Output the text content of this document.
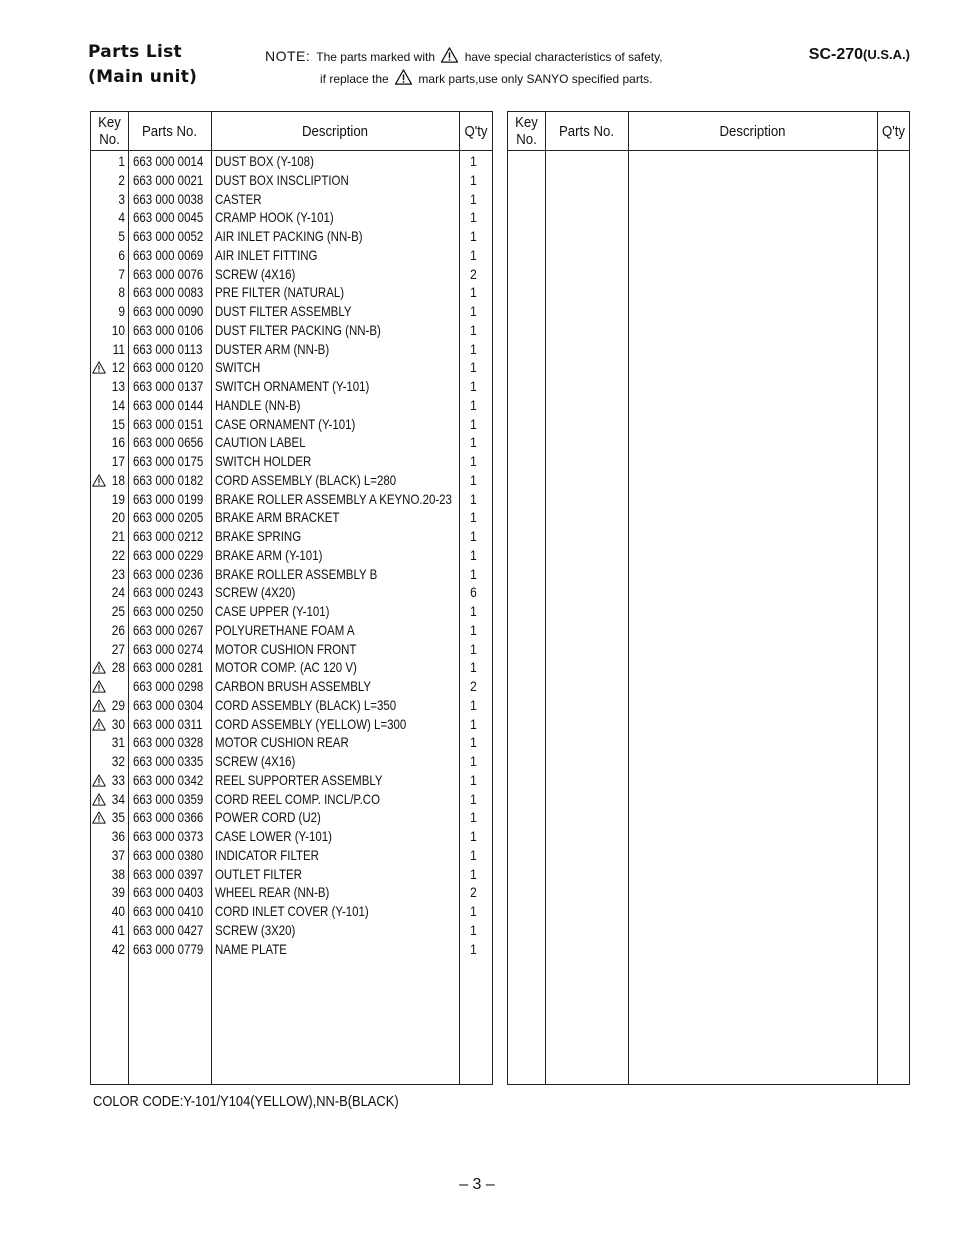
Parts List
(Main unit)
NOTE: The parts marked with have special characteristics of safety,
if replace the mark parts,use only SANYO specified parts.
SC-270(U.S.A.)
Key
No.	Parts No.	Description	Q'ty
1 663 000 0014 DUST BOX (Y-108)	1
2 663 000 0021 DUST BOX INSCLIPTION	1
3 663 000 0038 CASTER	1
4 663 000 0045 CRAMP HOOK (Y-101)	1
5 663 000 0052 AIR INLET PACKING (NN-B)	1
6 663 000 0069 AIR INLET FITTING	1
7 663 000 0076 SCREW (4X16)	2
8 663 000 0083 PRE FILTER (NATURAL)	1
9 663 000 0090 DUST FILTER ASSEMBLY	1
10 663 000 0106 DUST FILTER PACKING (NN-B)	1
11 663 000 0113 DUSTER ARM (NN-B)	1
12 663 000 0120 SWITCH	1
13 663 000 0137 SWITCH ORNAMENT (Y-101)	1
14 663 000 0144 HANDLE (NN-B)	1
15 663 000 0151 CASE ORNAMENT (Y-101)	1
16 663 000 0656 CAUTION LABEL	1
17 663 000 0175 SWITCH HOLDER	1
18 663 000 0182 CORD ASSEMBLY (BLACK) L=280	1
19 663 000 0199 BRAKE ROLLER ASSEMBLY A KEYNO.20-23	1
20 663 000 0205 BRAKE ARM BRACKET	1
21 663 000 0212 BRAKE SPRING	1
22 663 000 0229 BRAKE ARM (Y-101)	1
23 663 000 0236 BRAKE ROLLER ASSEMBLY B	1
24 663 000 0243 SCREW (4X20)	6
25 663 000 0250 CASE UPPER (Y-101)	1
26 663 000 0267 POLYURETHANE FOAM A	1
27 663 000 0274 MOTOR CUSHION FRONT	1
28 663 000 0281 MOTOR COMP. (AC 120 V)	1
663 000 0298 CARBON BRUSH ASSEMBLY	2
29 663 000 0304 CORD ASSEMBLY (BLACK) L=350	1
30 663 000 0311 CORD ASSEMBLY (YELLOW) L=300	1
31 663 000 0328 MOTOR CUSHION REAR	1
32 663 000 0335 SCREW (4X16)	1
33 663 000 0342 REEL SUPPORTER ASSEMBLY	1
34 663 000 0359 CORD REEL COMP. INCL/P.CO	1
35 663 000 0366 POWER CORD (U2)	1
36 663 000 0373 CASE LOWER (Y-101)	1
37 663 000 0380 INDICATOR FILTER	1
38 663 000 0397 OUTLET FILTER	1
39 663 000 0403 WHEEL REAR (NN-B)	2
40 663 000 0410 CORD INLET COVER (Y-101)	1
41 663 000 0427 SCREW (3X20)	1
42 663 000 0779 NAME PLATE	1
Key
No.	Parts No.	Description	Q'ty
COLOR CODE:Y-101/Y104(YELLOW),NN-B(BLACK)
– 3 –
